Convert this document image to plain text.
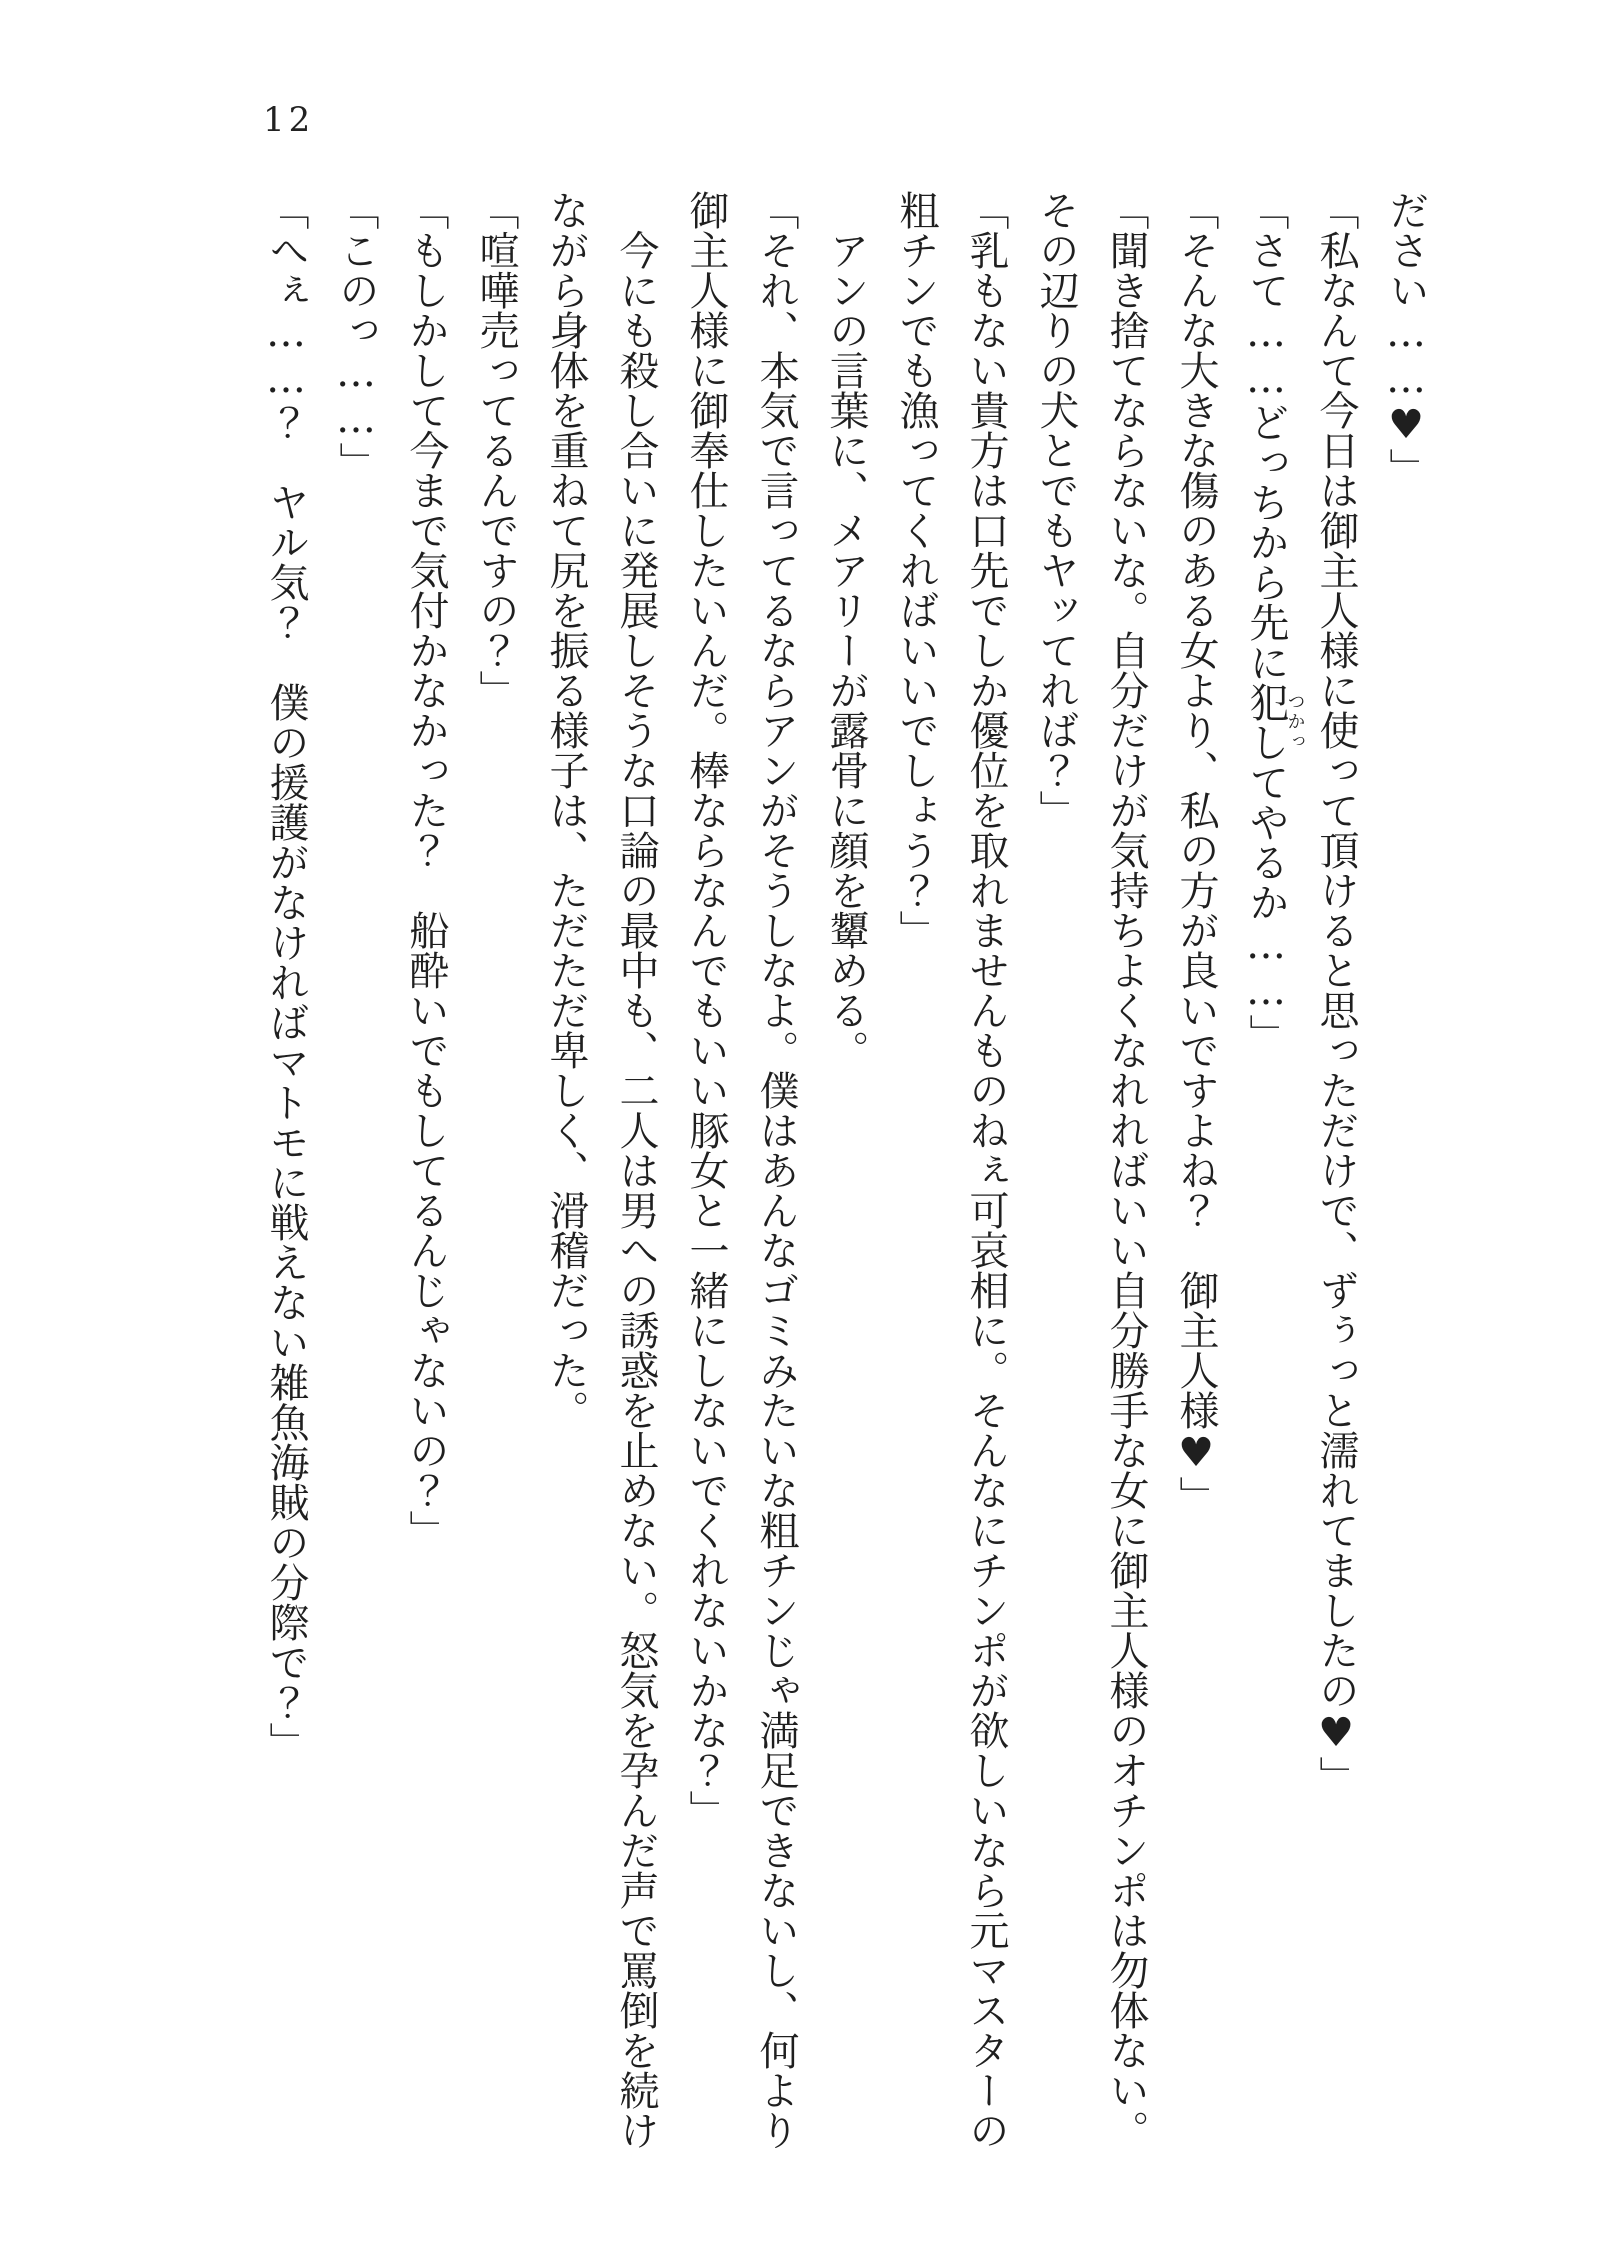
12
ださい……♥」
「私なんて今日は御主人様に使って頂けると思っただけで、ずぅっと濡れてましたの♥」
「さて……どっちから先に犯しつかってやるか……」
「そんな大きな傷のある女より、私の方が良いですよね？御主人様♥」
「聞き捨てならないな。自分だけが気持ちよくなれればいい自分勝手な女に御主人様のオチンポは勿体ない。
その辺りの犬とでもヤッてれば？」
「乳もない貴方は口先でしか優位を取れませんものねぇ可哀相に。そんなにチンポが欲しいなら元マスターの
粗チンでも漁ってくればいいでしょう？」
アンの言葉に、メアリーが露骨に顔を顰める。
「それ、本気で言ってるならアンがそうしなよ。僕はあんなゴミみたいな粗チンじゃ満足できないし、何より
御主人様に御奉仕したいんだ。棒ならなんでもいい豚女と一緒にしないでくれないかな？」
今にも殺し合いに発展しそうな口論の最中も、二人は男への誘惑を止めない。怒気を孕んだ声で罵倒を続け
ながら身体を重ねて尻を振る様子は、ただただ卑しく、滑稽だった。
「喧嘩売ってるんですの？」
「もしかして今まで気付かなかった？船酔いでもしてるんじゃないの？」
「このっ……」
「へぇ……？ヤル気？僕の援護がなければマトモに戦えない雑魚海賊の分際で？」
